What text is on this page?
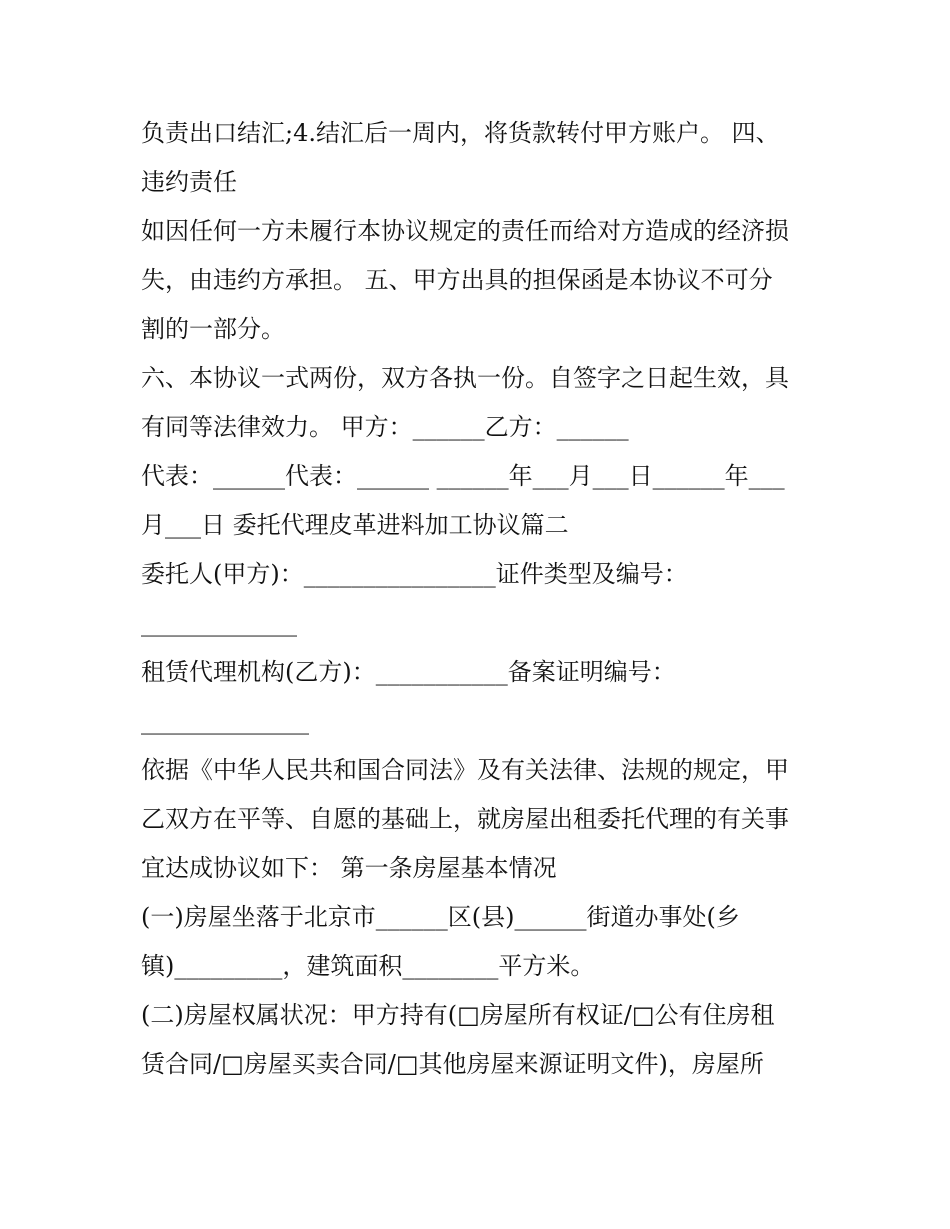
负责出口结汇;4.结汇后一周内，将货款转付甲方账户。 四、
违约责任
如因任何一方未履行本协议规定的责任而给对方造成的经济损
失，由违约方承担。 五、甲方出具的担保函是本协议不可分
割的一部分。
六、本协议一式两份，双方各执一份。自签字之日起生效，具
有同等法律效力。 甲方：______乙方：______
代表：______代表：______ ______年___月___日______年___
月___日 委托代理皮革进料加工协议篇二
委托人(甲方)：________________证件类型及编号：
_____________
租赁代理机构(乙方)：___________备案证明编号：
______________
依据《中华人民共和国合同法》及有关法律、法规的规定，甲
乙双方在平等、自愿的基础上，就房屋出租委托代理的有关事
宜达成协议如下： 第一条房屋基本情况
(一)房屋坐落于北京市______区(县)______街道办事处(乡
镇)_________，建筑面积________平方米。
(二)房屋权属状况：甲方持有(□房屋所有权证/□公有住房租
赁合同/□房屋买卖合同/□其他房屋来源证明文件)，房屋所
